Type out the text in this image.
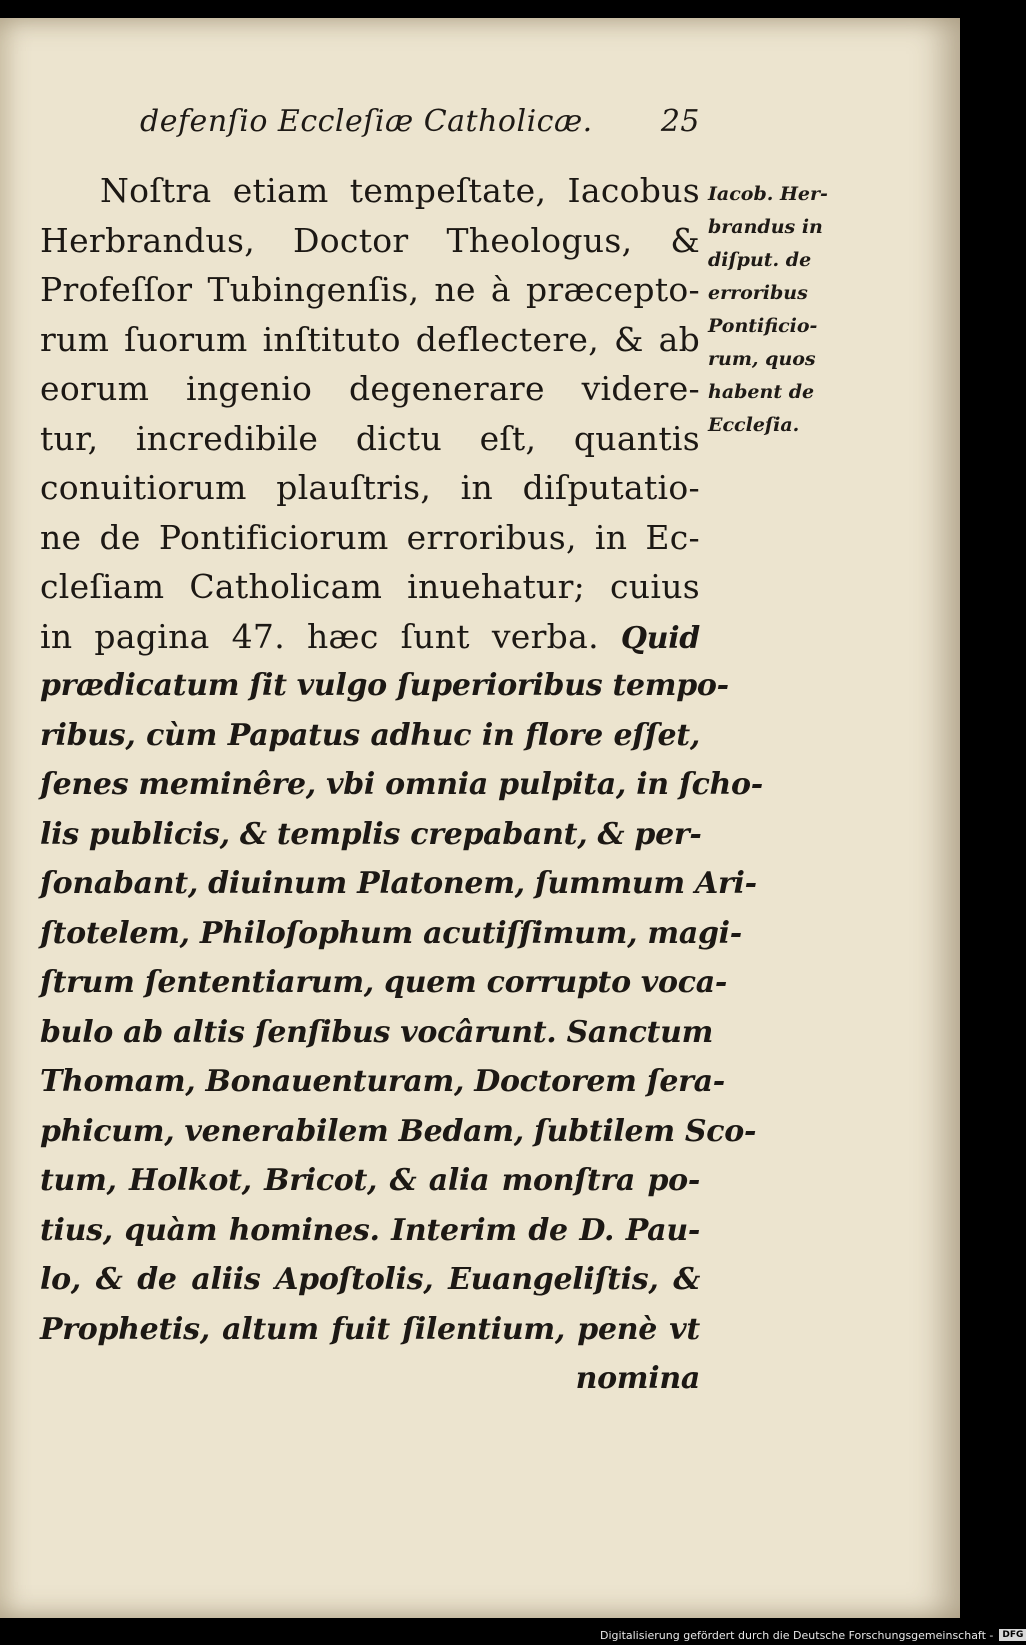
defenſio Eccleſiæ Catholicæ. 25
Noſtra etiam tempeſtate, Iacobus
Herbrandus, Doctor Theologus, &
Profeſſor Tubingenſis, ne à præcepto-
rum ſuorum inſtituto deflectere, & ab
eorum ingenio degenerare videre-
tur, incredibile dictu eſt, quantis
conuitiorum plauſtris, in diſputatio-
ne de Pontificiorum erroribus, in Ec-
cleſiam Catholicam inuehatur; cuius
in pagina 47. hæc ſunt verba. Quid
prædicatum ſit vulgo ſuperioribus tempo-
ribus, cùm Papatus adhuc in flore eſſet,
ſenes meminêre, vbi omnia pulpita, in ſcho-
lis publicis, & templis crepabant, & per-
ſonabant, diuinum Platonem, ſummum Ari-
ſtotelem, Philoſophum acutiſſimum, magi-
ſtrum ſententiarum, quem corrupto voca-
bulo ab altis ſenſibus vocârunt. Sanctum
Thomam, Bonauenturam, Doctorem ſera-
phicum, venerabilem Bedam, ſubtilem Sco-
tum, Holkot, Bricot, & alia monſtra po-
tius, quàm homines. Interim de D. Pau-
lo, & de aliis Apoſtolis, Euangeliſtis, &
Prophetis, altum fuit ſilentium, penè vt
nomina
Iacob. Her-
brandus in
diſput. de
erroribus
Pontificio-
rum, quos
habent de
Eccleſia.
Digitalisierung gefördert durch die Deutsche Forschungsgemeinschaft -	DFG
